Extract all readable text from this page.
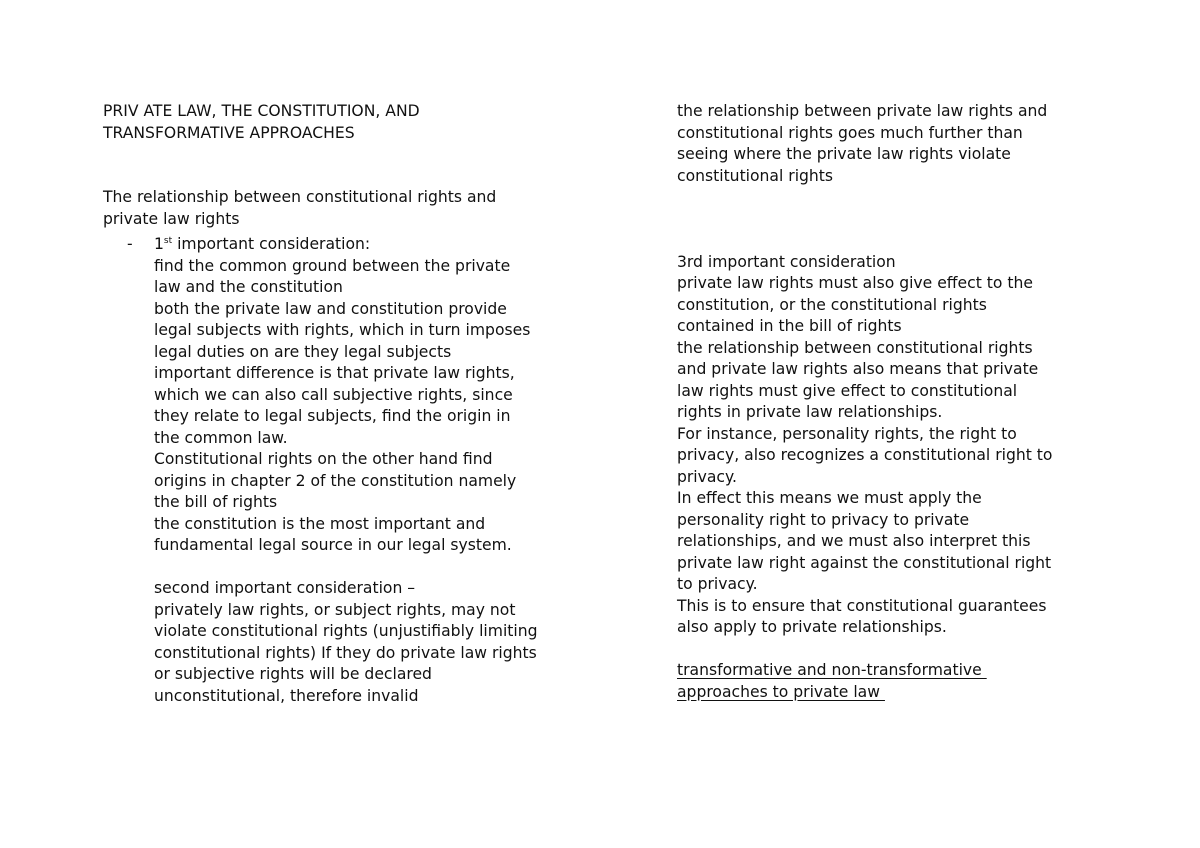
PRIV ATE LAW, THE CONSTITUTION, AND
TRANSFORMATIVE APPROACHES
The relationship between constitutional rights and
private law rights
- 1st important consideration:
find the common ground between the private
law and the constitution
both the private law and constitution provide
legal subjects with rights, which in turn imposes
legal duties on are they legal subjects
important difference is that private law rights,
which we can also call subjective rights, since
they relate to legal subjects, find the origin in
the common law.
Constitutional rights on the other hand find
origins in chapter 2 of the constitution namely
the bill of rights
the constitution is the most important and
fundamental legal source in our legal system.
second important consideration –
privately law rights, or subject rights, may not
violate constitutional rights (unjustifiably limiting
constitutional rights) If they do private law rights
or subjective rights will be declared
unconstitutional, therefore invalid
the relationship between private law rights and
constitutional rights goes much further than
seeing where the private law rights violate
constitutional rights
3rd important consideration
private law rights must also give effect to the
constitution, or the constitutional rights
contained in the bill of rights
the relationship between constitutional rights
and private law rights also means that private
law rights must give effect to constitutional
rights in private law relationships.
For instance, personality rights, the right to
privacy, also recognizes a constitutional right to
privacy.
In effect this means we must apply the
personality right to privacy to private
relationships, and we must also interpret this
private law right against the constitutional right
to privacy.
This is to ensure that constitutional guarantees
also apply to private relationships.
transformative and non-transformative
approaches to private law
